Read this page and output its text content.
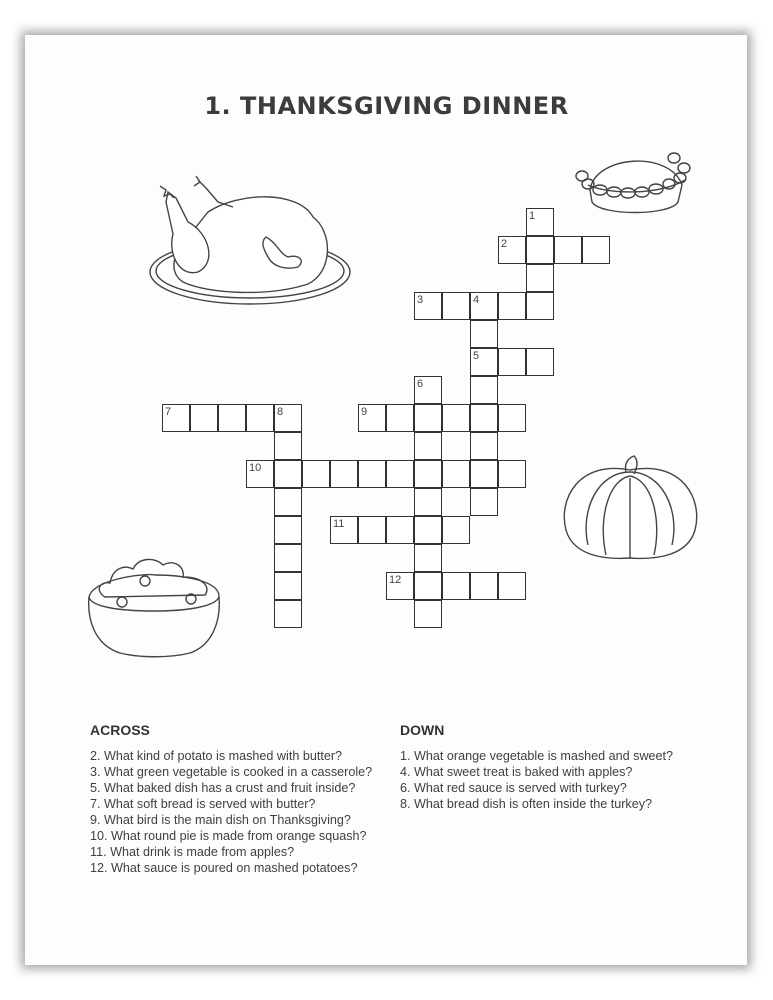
1. THANKSGIVING DINNER
1
2
3	4
5
6
7	8	9
10
11
12
ACROSS

2. What kind of potato is mashed with butter?

3. What green vegetable is cooked in a casserole?

5. What baked dish has a crust and fruit inside?

7. What soft bread is served with butter?

9. What bird is the main dish on Thanksgiving?

10. What round pie is made from orange squash?

11. What drink is made from apples?

12. What sauce is poured on mashed potatoes?

DOWN

1. What orange vegetable is mashed and sweet?

4. What sweet treat is baked with apples?

6. What red sauce is served with turkey?

8. What bread dish is often inside the turkey?
